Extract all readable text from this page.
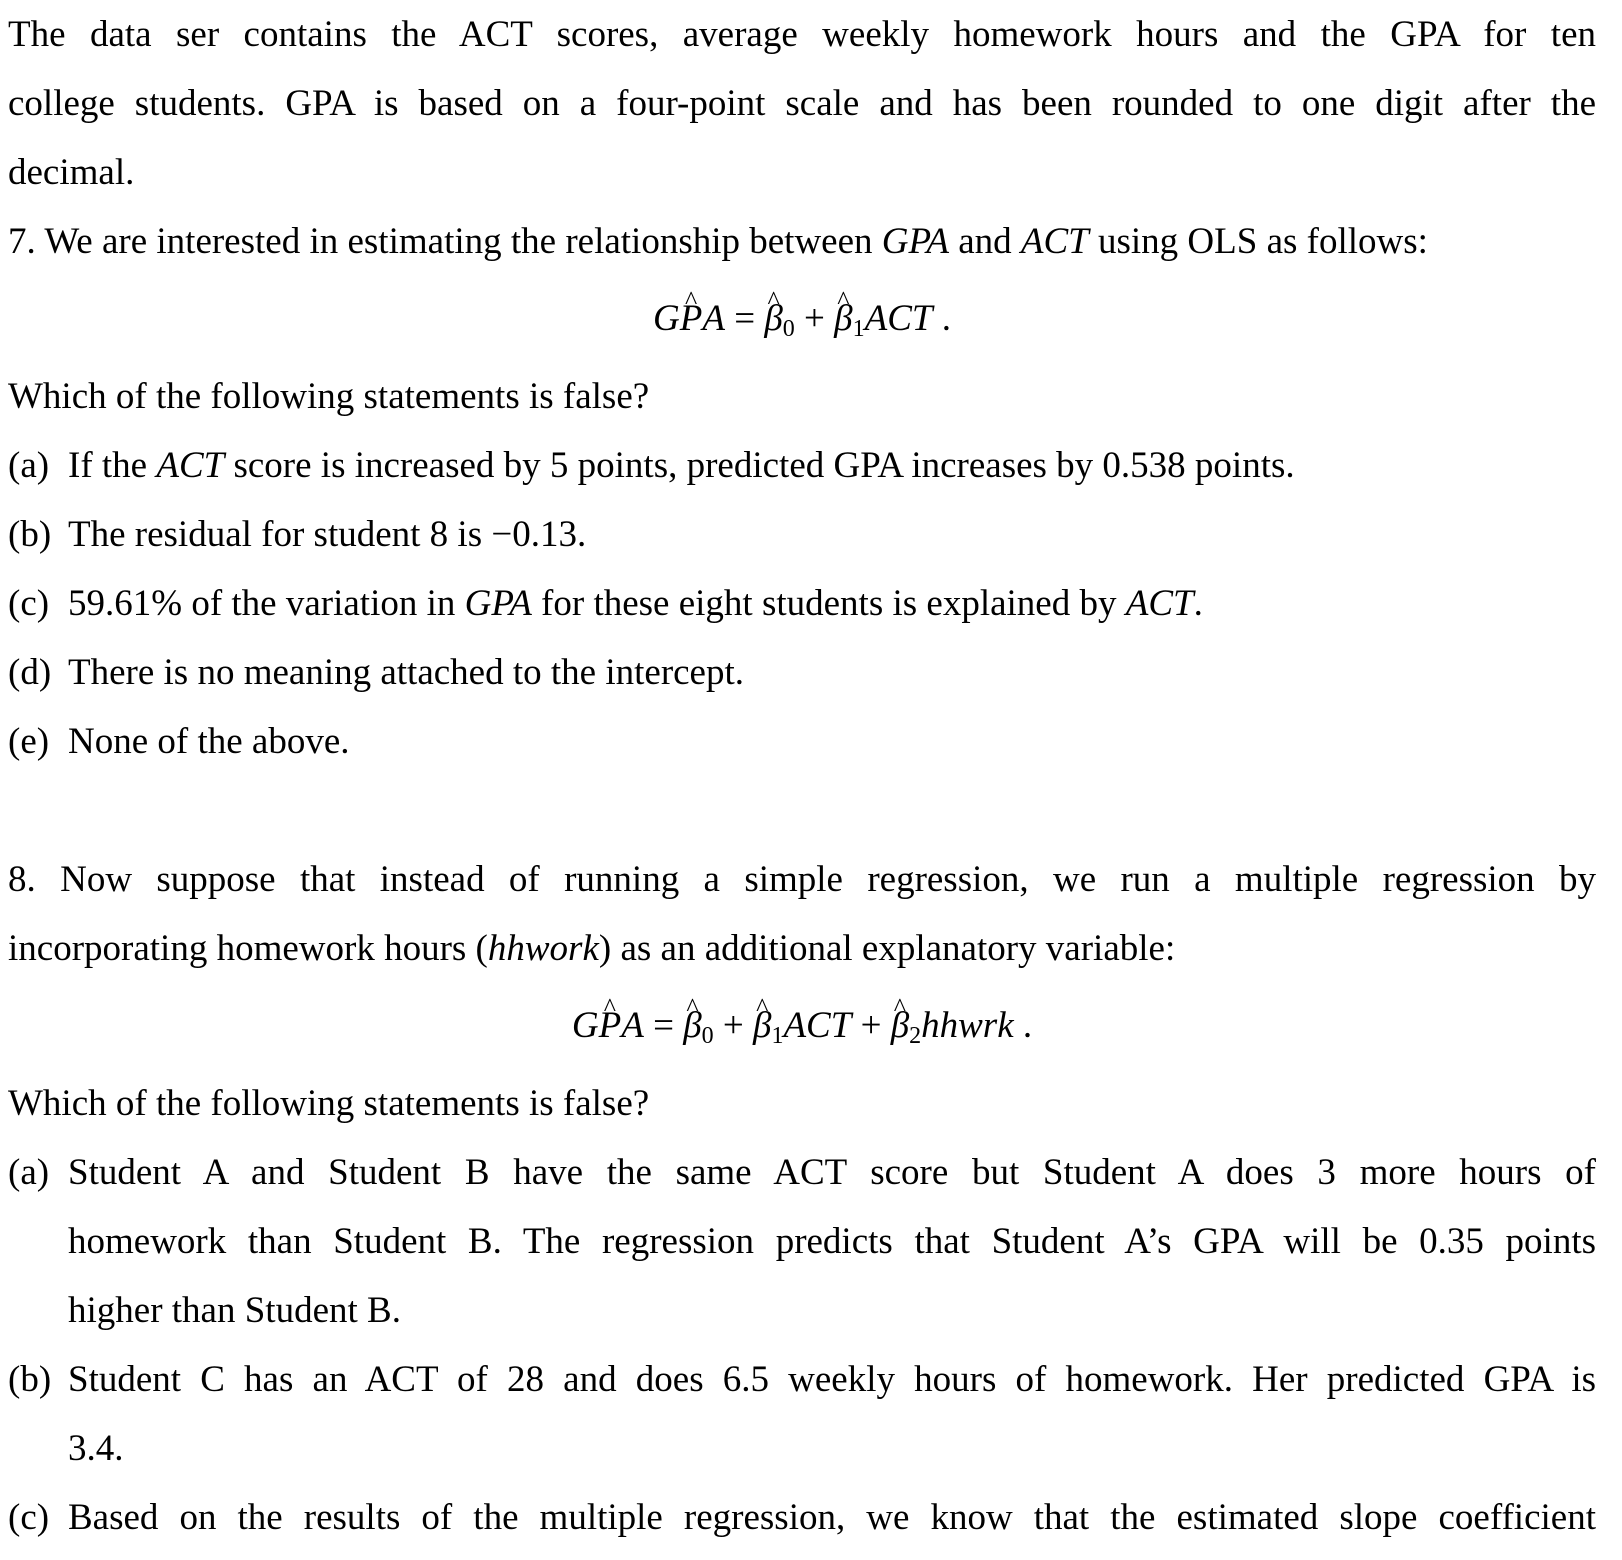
The data ser contains the ACT scores, average weekly homework hours and the GPA for ten
college students. GPA is based on a four-point scale and has been rounded to one digit after the
decimal.
7. We are interested in estimating the relationship between GPA and ACT using OLS as follows:
G^ PA = ^ $\beta_0$ + ^ $\beta_1ACT$ .
Which of the following statements is false?
(a) If the ACT score is increased by 5 points, predicted GPA increases by 0.538 points.
(b) The residual for student 8 is −0.13.
(c) 59.61% of the variation in GPA for these eight students is explained by ACT.
(d) There is no meaning attached to the intercept.
(e) None of the above.
8. Now suppose that instead of running a simple regression, we run a multiple regression by
incorporating homework hours (hhwork) as an additional explanatory variable:
G^ PA = ^ $\beta_0$ + ^ $\beta_1ACT$ + ^ $\beta_2hhwrk$ .
Which of the following statements is false?
(a) Student A and Student B have the same ACT score but Student A does 3 more hours of
homework than Student B. The regression predicts that Student A’s GPA will be 0.35 points
higher than Student B.
(b) Student C has an ACT of 28 and does 6.5 weekly hours of homework. Her predicted GPA is
3.4.
(c) Based on the results of the multiple regression, we know that the estimated slope coefficient
